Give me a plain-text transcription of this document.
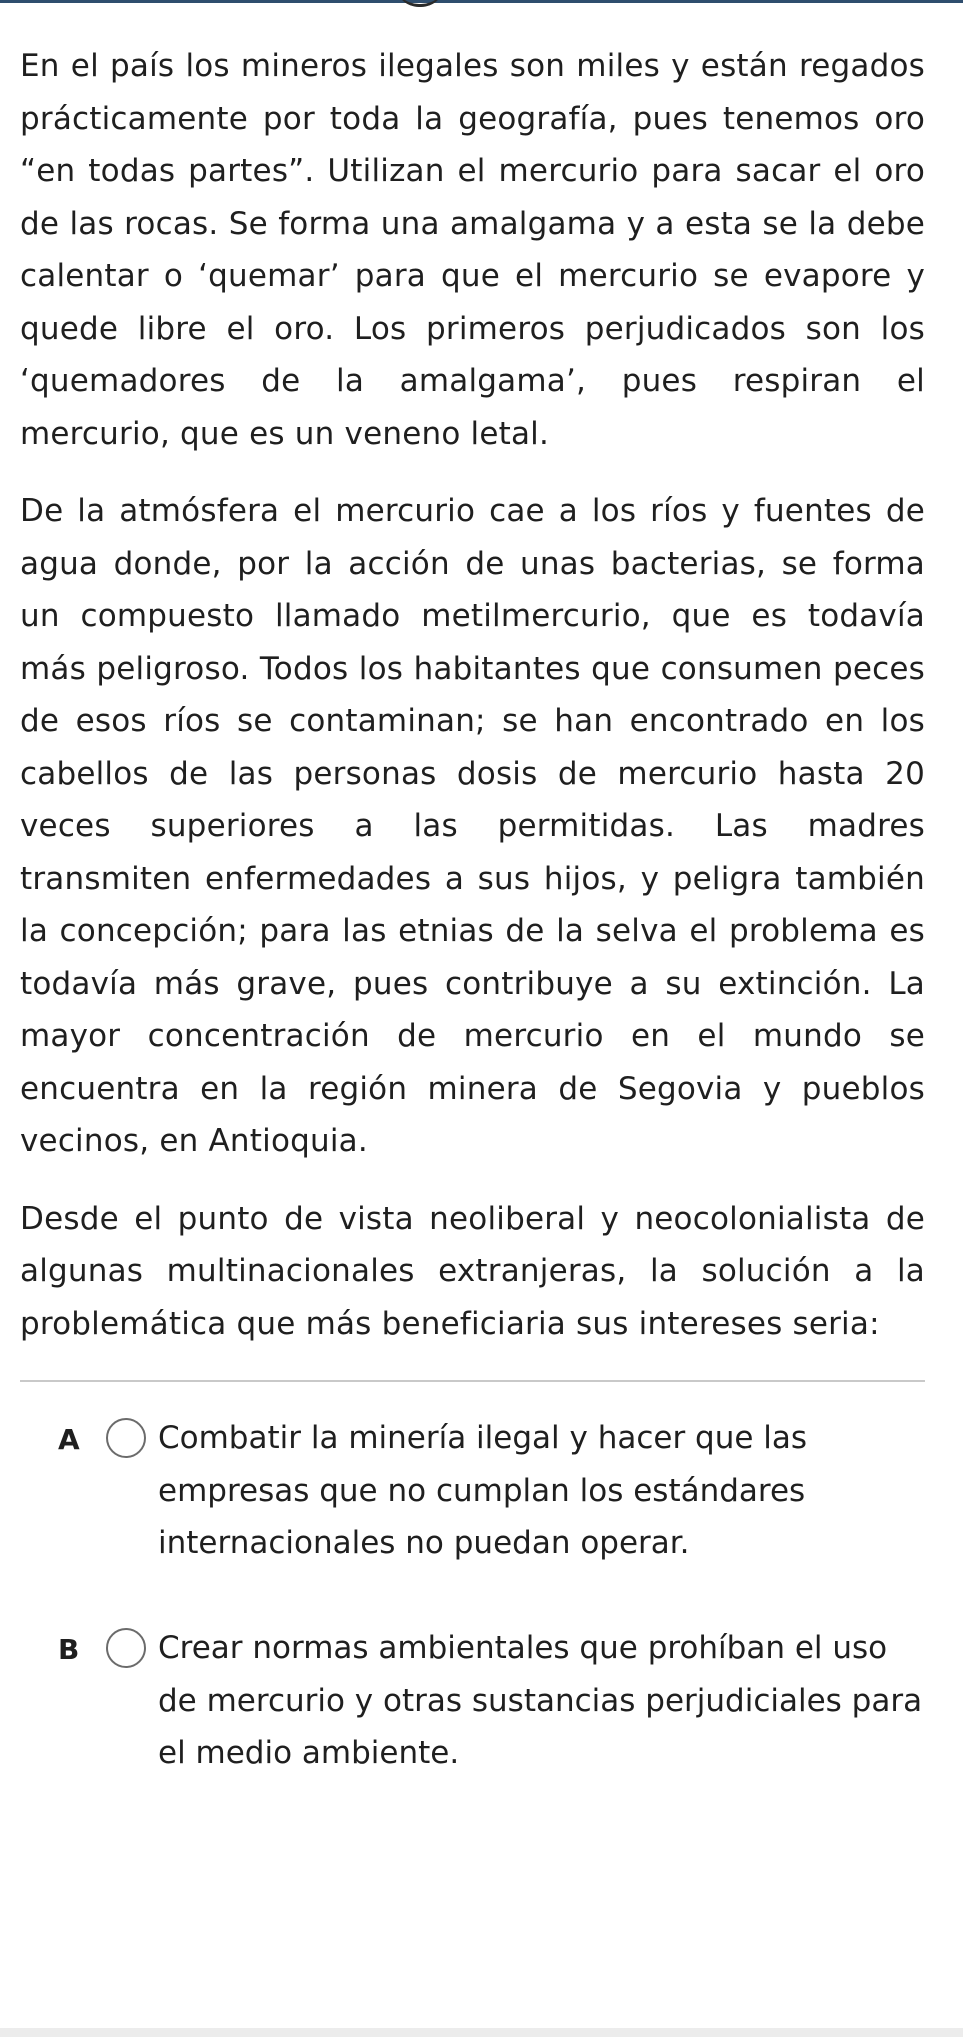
En el país los mineros ilegales son miles y están regados prácticamente por toda la geografía, pues tenemos oro “en todas partes”. Utilizan el mercurio para sacar el oro de las rocas. Se forma una amalgama y a esta se la debe calentar o ‘quemar’ para que el mercurio se evapore y quede libre el oro. Los primeros perjudicados son los ‘quemadores de la amalgama’, pues respiran el mercurio, que es un veneno letal.

De la atmósfera el mercurio cae a los ríos y fuentes de agua donde, por la acción de unas bacterias, se forma un compuesto llamado metilmercurio, que es todavía más peligroso. Todos los habitantes que consumen peces de esos ríos se contaminan; se han encontrado en los cabellos de las personas dosis de mercurio hasta 20 veces superiores a las permitidas. Las madres transmiten enfermedades a sus hijos, y peligra también la concepción; para las etnias de la selva el problema es todavía más grave, pues contribuye a su extinción. La mayor concentración de mercurio en el mundo se encuentra en la región minera de Segovia y pueblos vecinos, en Antioquia.

Desde el punto de vista neoliberal y neocolonialista de algunas multinacionales extranjeras, la solución a la problemática que más beneficiaria sus intereses seria:

A	Combatir la minería ilegal y hacer que las empresas que no cumplan los estándares internacionales no puedan operar.
B	Crear normas ambientales que prohíban el uso de mercurio y otras sustancias perjudiciales para el medio ambiente.
